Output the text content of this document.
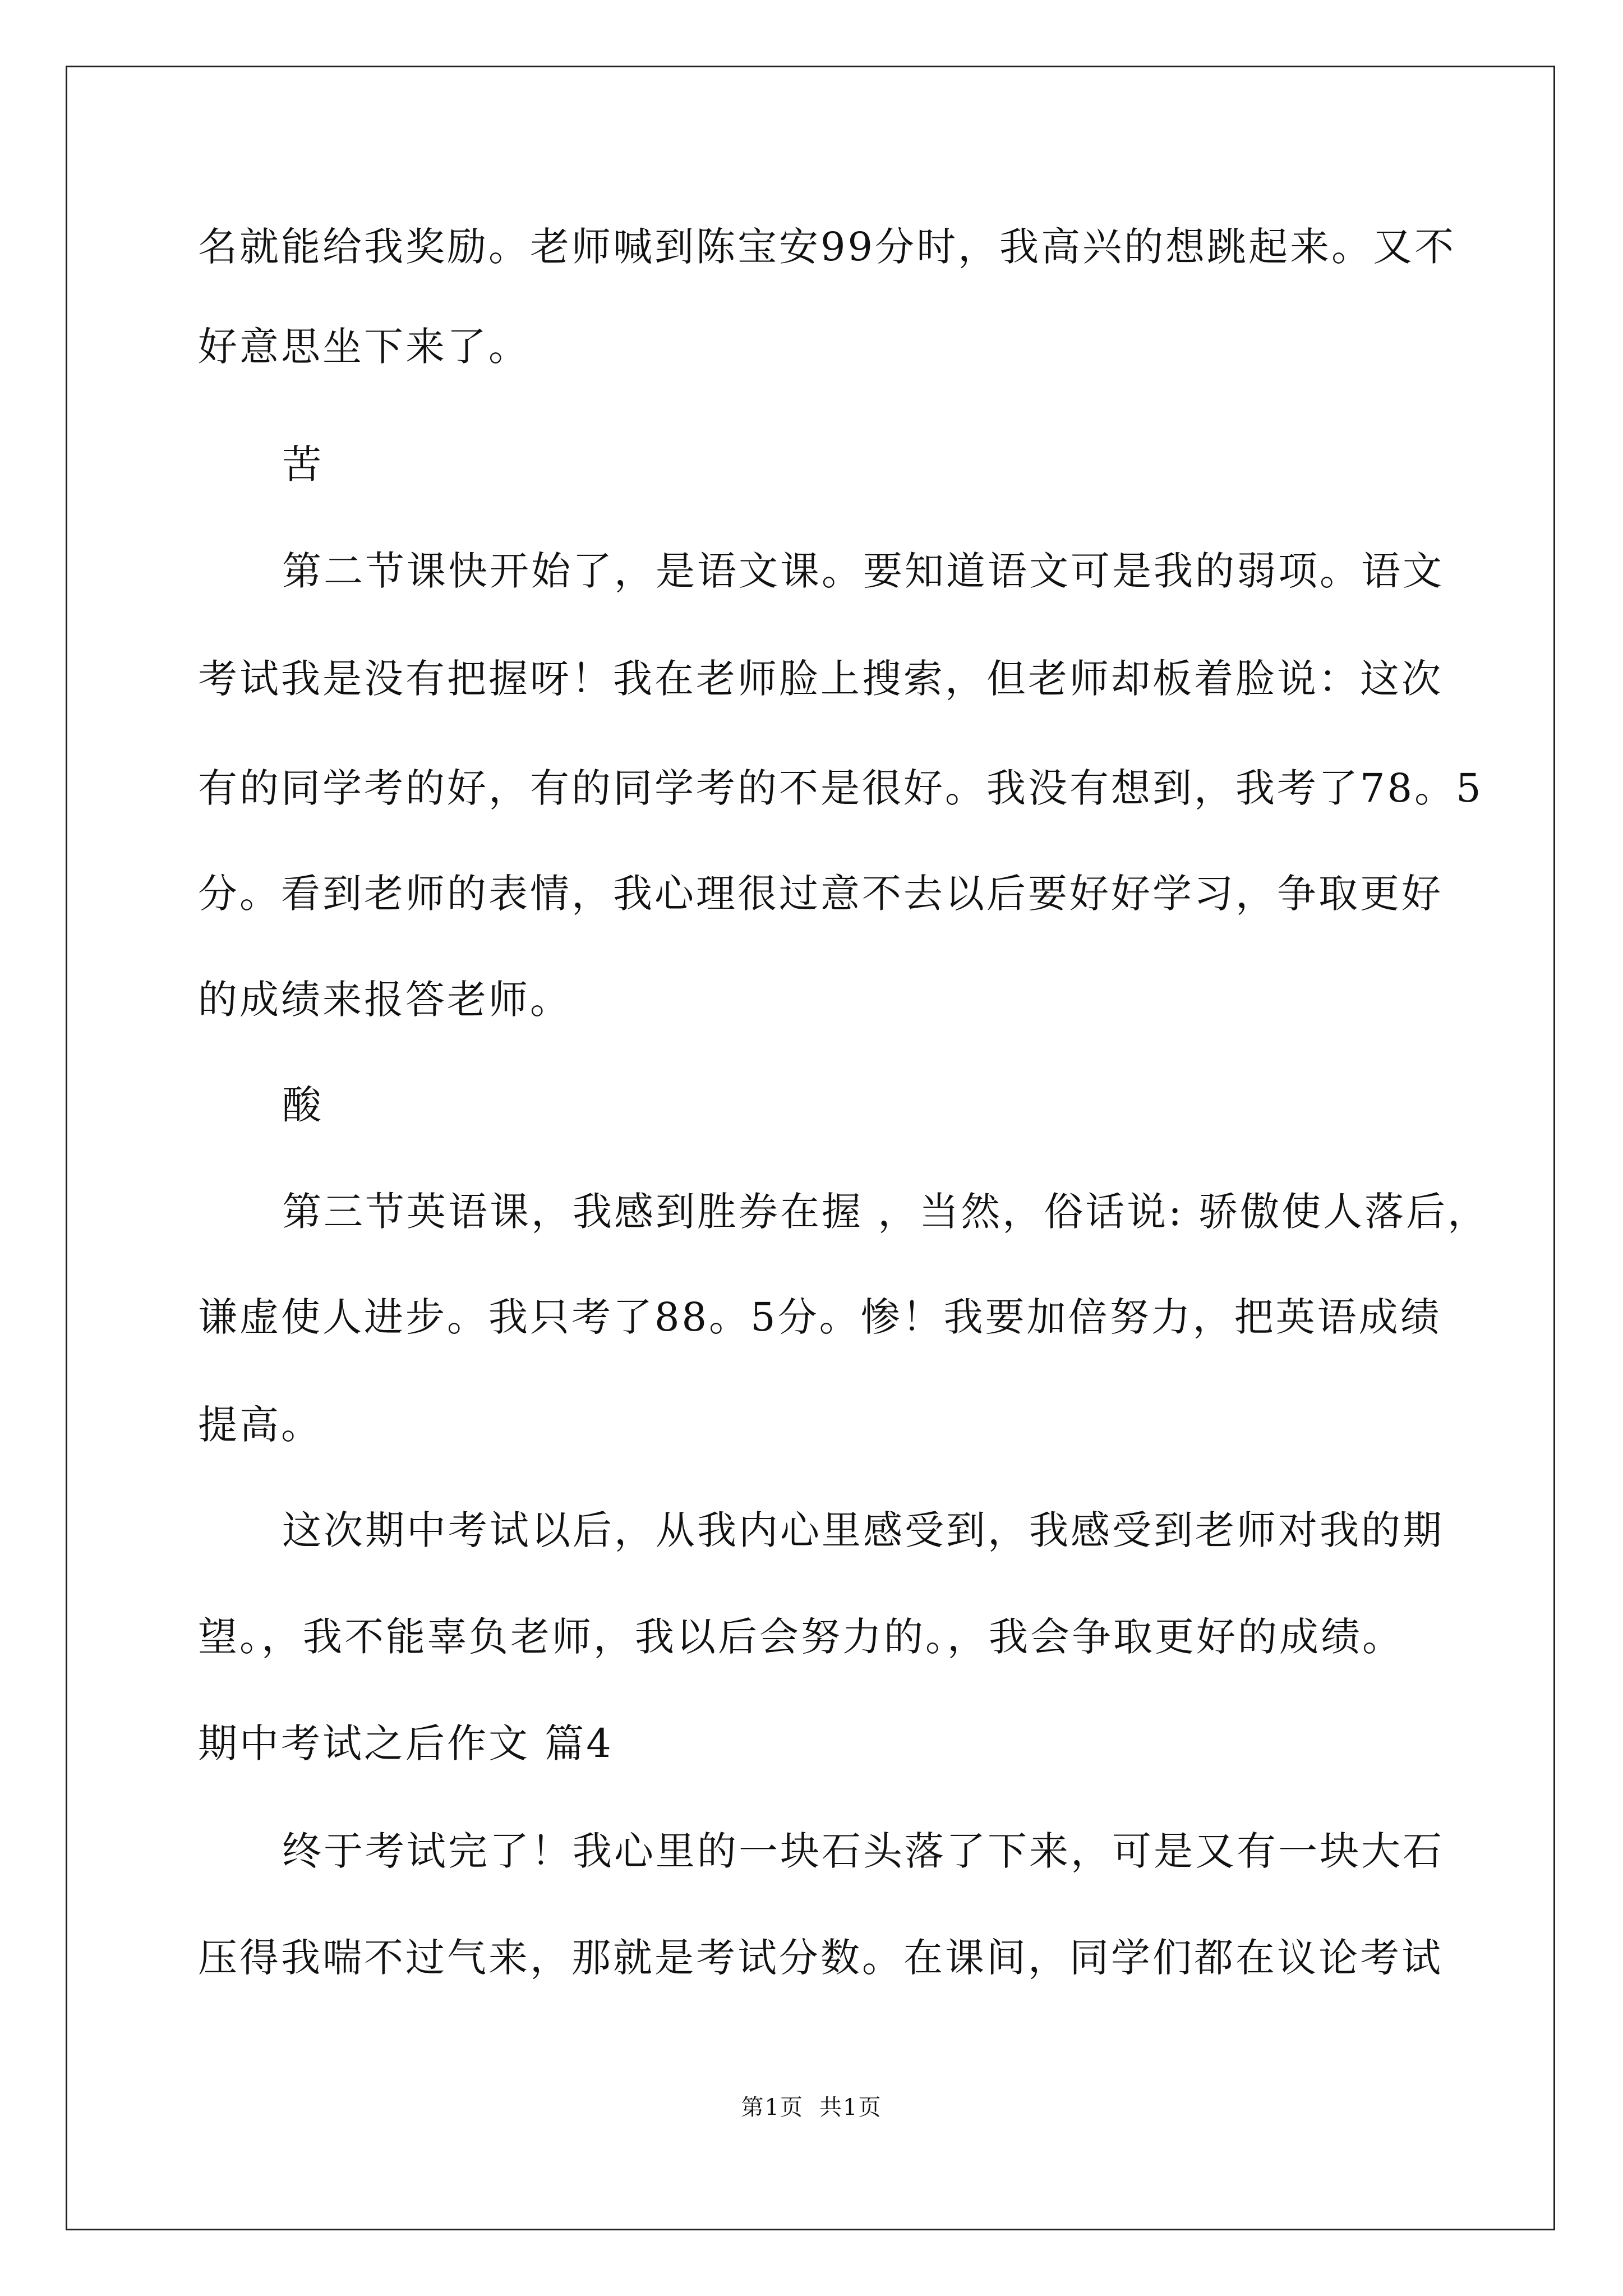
名就能给我奖励。老师喊到陈宝安99分时，我高兴的想跳起来。又不
好意思坐下来了。
苦
第二节课快开始了，是语文课。要知道语文可是我的弱项。语文
考试我是没有把握呀！我在老师脸上搜索，但老师却板着脸说：这次
有的同学考的好，有的同学考的不是很好。我没有想到，我考了78。5
分。看到老师的表情，我心理很过意不去以后要好好学习，争取更好
的成绩来报答老师。
酸
第三节英语课，我感到胜券在握 ，当然，俗话说: 骄傲使人落后，
谦虚使人进步。我只考了88。5分。惨！我要加倍努力，把英语成绩
提高。
这次期中考试以后，从我内心里感受到，我感受到老师对我的期
望。，我不能辜负老师，我以后会努力的。，我会争取更好的成绩。
期中考试之后作文 篇4
终于考试完了！我心里的一块石头落了下来，可是又有一块大石
压得我喘不过气来，那就是考试分数。在课间，同学们都在议论考试
第1页 共1页
